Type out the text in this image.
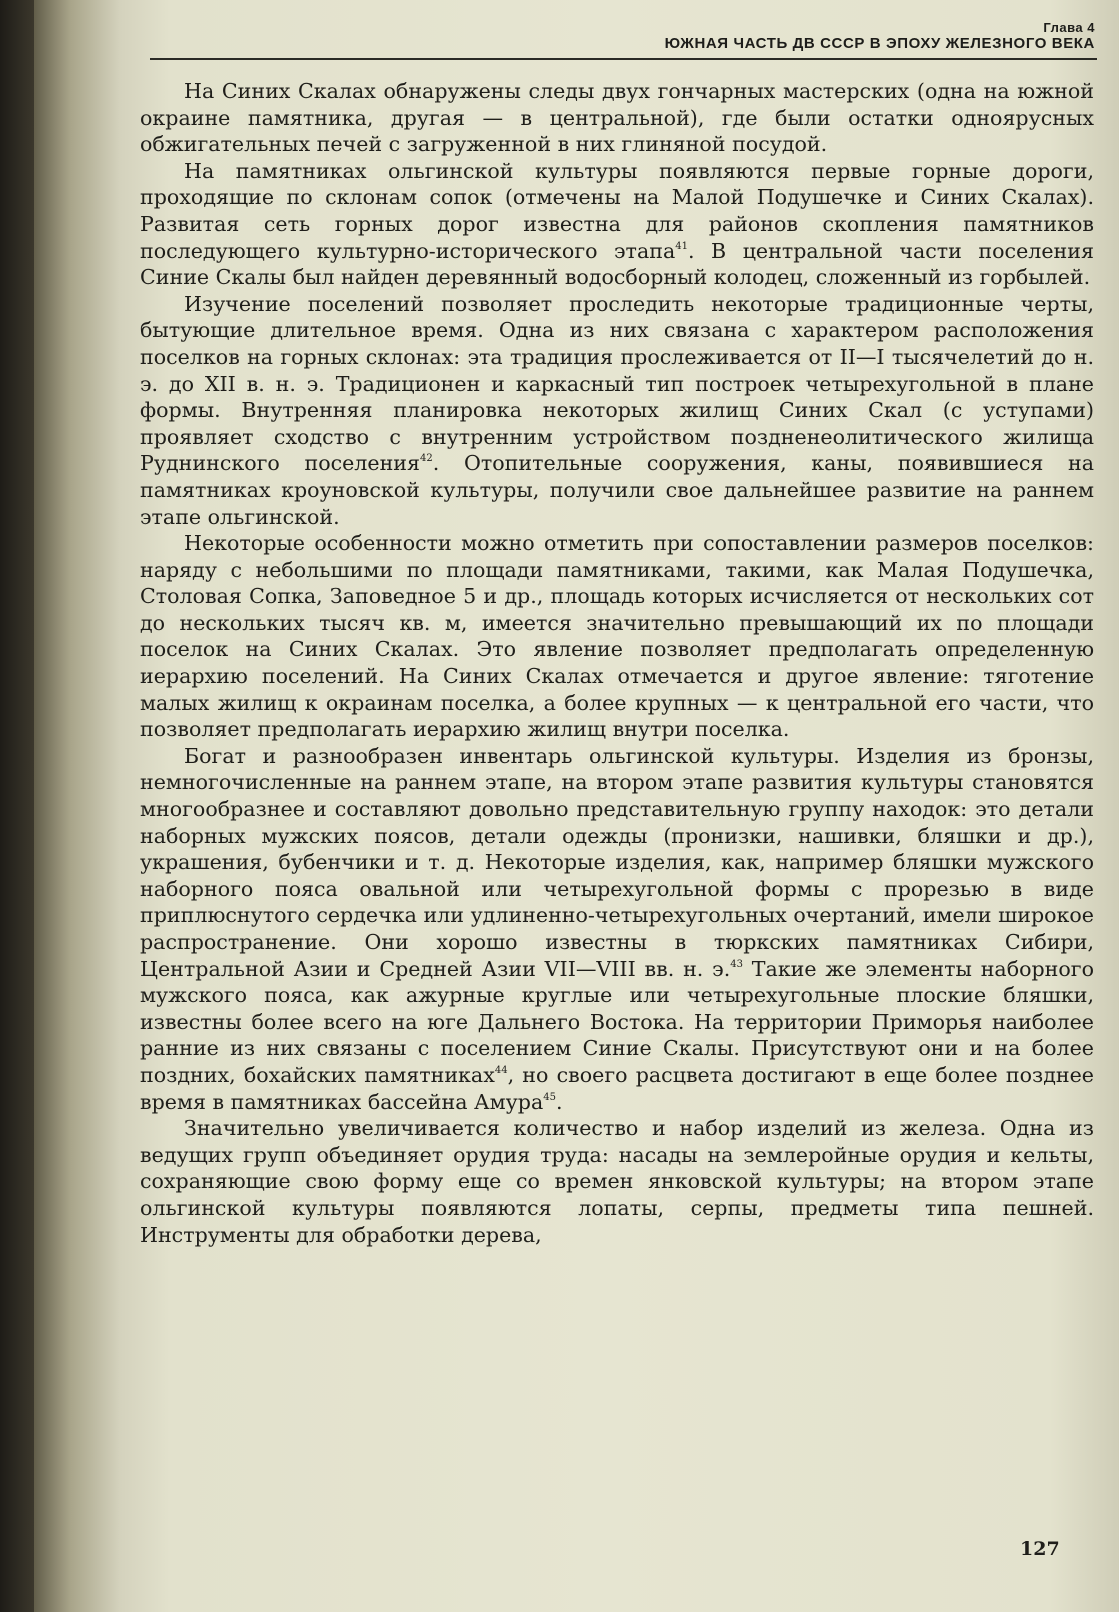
Глава 4
ЮЖНАЯ ЧАСТЬ ДВ СССР В ЭПОХУ ЖЕЛЕЗНОГО ВЕКА

На Синих Скалах обнаружены следы двух гончарных мастерских (одна на южной окраине памятника, другая — в центральной), где были остатки одноярусных обжигательных печей с загруженной в них глиняной посудой.

На памятниках ольгинской культуры появляются первые горные дороги, проходящие по склонам сопок (отмечены на Малой Подушечке и Синих Скалах). Развитая сеть горных дорог известна для районов скопления памятников последующего культурно-исторического этапа$^{41}$. В центральной части поселения Синие Скалы был найден деревянный водосборный колодец, сложенный из горбылей.

Изучение поселений позволяет проследить некоторые традиционные черты, бытующие длительное время. Одна из них связана с характером расположения поселков на горных склонах: эта традиция прослеживается от II—I тысячелетий до н. э. до XII в. н. э. Традиционен и каркасный тип построек четырехугольной в плане формы. Внутренняя планировка некоторых жилищ Синих Скал (с уступами) проявляет сходство с внутренним устройством поздненеолитического жилища Руднинского поселения$^{42}$. Отопительные сооружения, каны, появившиеся на памятниках кроуновской культуры, получили свое дальнейшее развитие на раннем этапе ольгинской.

Некоторые особенности можно отметить при сопоставлении размеров поселков: наряду с небольшими по площади памятниками, такими, как Малая Подушечка, Столовая Сопка, Заповедное 5 и др., площадь которых исчисляется от нескольких сот до нескольких тысяч кв. м, имеется значительно превышающий их по площади поселок на Синих Скалах. Это явление позволяет предполагать определенную иерархию поселений. На Синих Скалах отмечается и другое явление: тяготение малых жилищ к окраинам поселка, а более крупных — к центральной его части, что позволяет предполагать иерархию жилищ внутри поселка.

Богат и разнообразен инвентарь ольгинской культуры. Изделия из бронзы, немногочисленные на раннем этапе, на втором этапе развития культуры становятся многообразнее и составляют довольно представительную группу находок: это детали наборных мужских поясов, детали одежды (пронизки, нашивки, бляшки и др.), украшения, бубенчики и т. д. Некоторые изделия, как, например бляшки мужского наборного пояса овальной или четырехугольной формы с прорезью в виде приплюснутого сердечка или удлиненно-четырехугольных очертаний, имели широкое распространение. Они хорошо известны в тюркских памятниках Сибири, Центральной Азии и Средней Азии VII—VIII вв. н. э.$^{43}$ Такие же элементы наборного мужского пояса, как ажурные круглые или четырехугольные плоские бляшки, известны более всего на юге Дальнего Востока. На территории Приморья наиболее ранние из них связаны с поселением Синие Скалы. Присутствуют они и на более поздних, бохайских памятниках$^{44}$, но своего расцвета достигают в еще более позднее время в памятниках бассейна Амура$^{45}$.

Значительно увеличивается количество и набор изделий из железа. Одна из ведущих групп объединяет орудия труда: насады на землеройные орудия и кельты, сохраняющие свою форму еще со времен янковской культуры; на втором этапе ольгинской культуры появляются лопаты, серпы, предметы типа пешней. Инструменты для обработки дерева,

127
